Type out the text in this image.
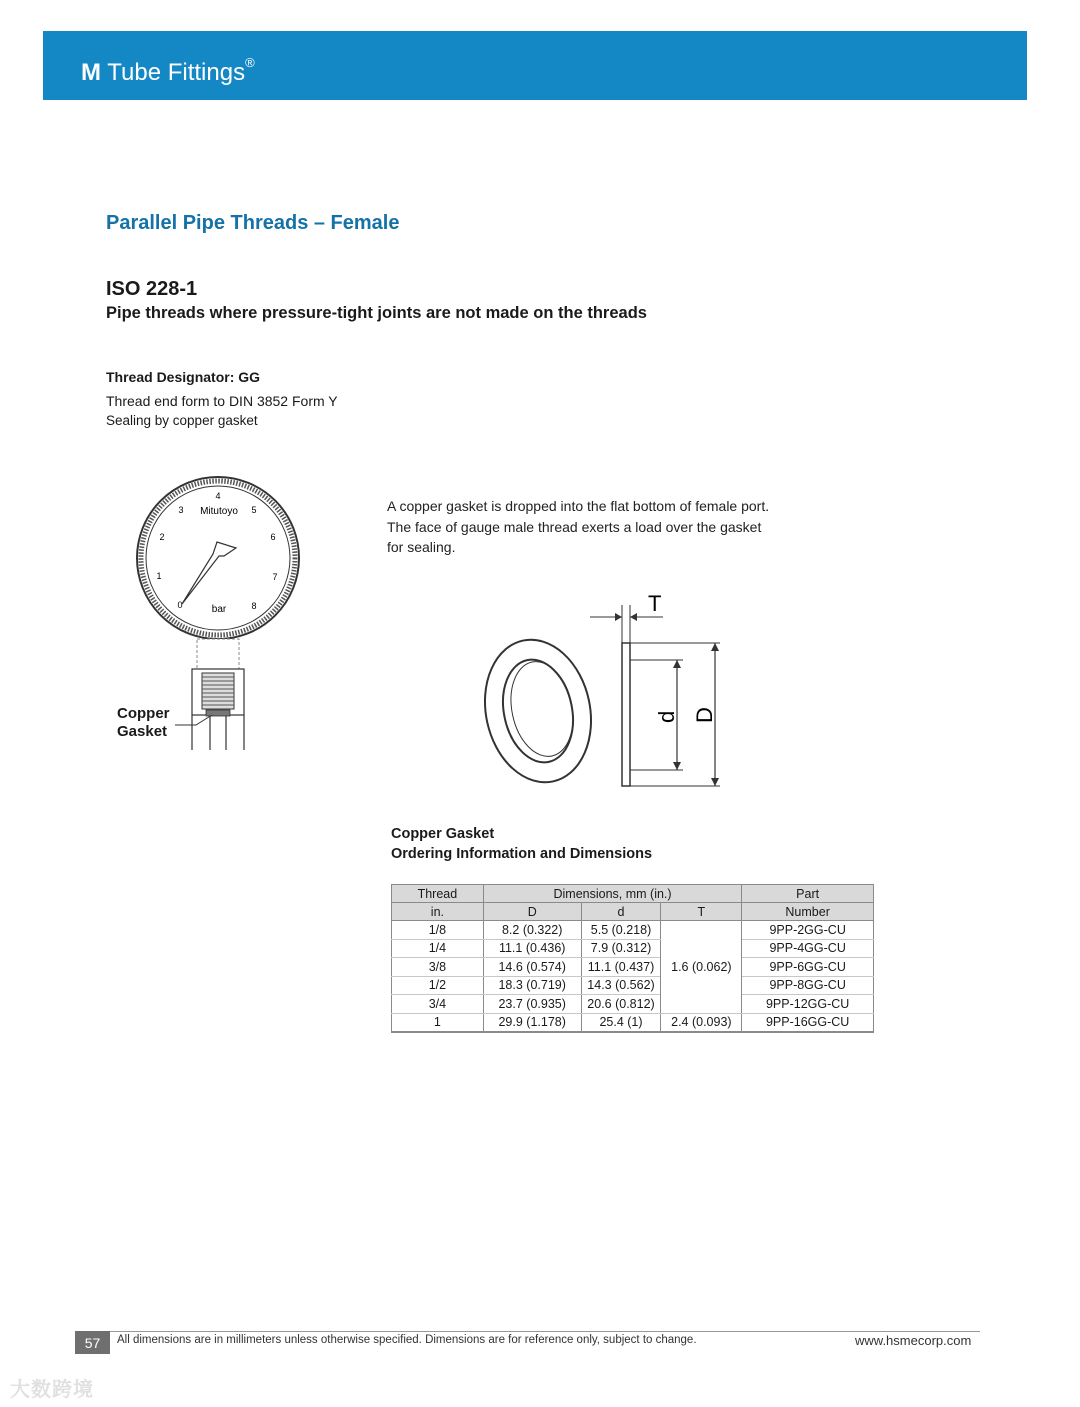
M Tube Fittings®
Parallel Pipe Threads – Female
ISO 228-1
Pipe threads where pressure-tight joints are not made on the threads
Thread Designator: GG
Thread end form to DIN 3852 Form Y
Sealing by copper gasket
4
3	5
2	6
1	7
0	8
Mitutoyo
bar
Copper
Gasket
A copper gasket is dropped into the flat bottom of female port.
The face of gauge male thread exerts a load over the gasket
for sealing.
T
d D
Copper Gasket
Ordering Information and Dimensions
Thread	Dimensions, mm (in.)			Part
in.	D	d	T	Number
1/8	8.2 (0.322)	5.5 (0.218)	1.6 (0.062)	9PP-2GG-CU
1/4	11.1 (0.436)	7.9 (0.312)		9PP-4GG-CU
3/8	14.6 (0.574)	11.1 (0.437)		9PP-6GG-CU
1/2	18.3 (0.719)	14.3 (0.562)		9PP-8GG-CU
3/4	23.7 (0.935)	20.6 (0.812)		9PP-12GG-CU
1	29.9 (1.178)	25.4 (1)	2.4 (0.093)	9PP-16GG-CU
57	All dimensions are in millimeters unless otherwise specified. Dimensions are for reference only, subject to change.	www.hsmecorp.com
大数跨境
